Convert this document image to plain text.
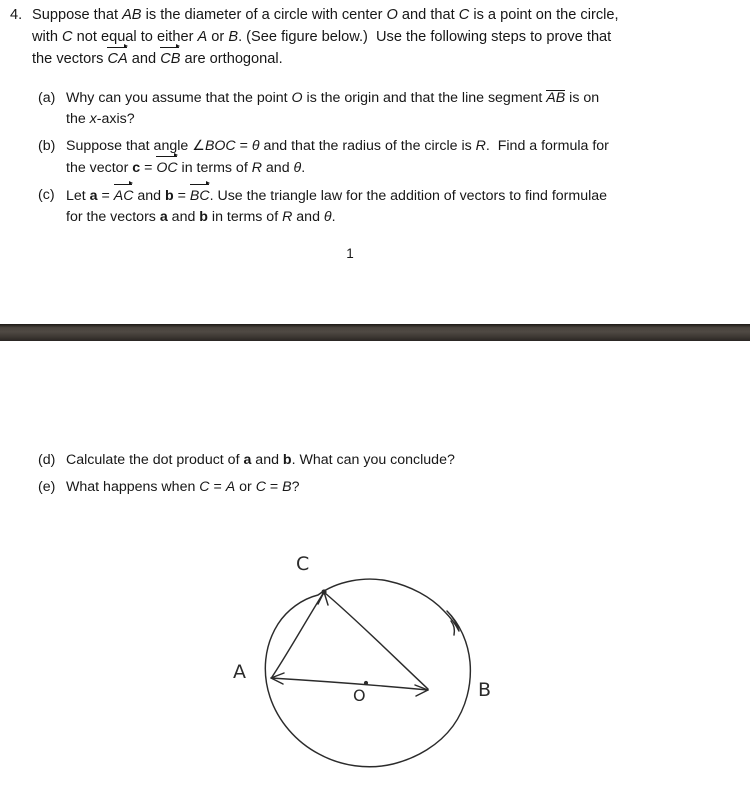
4. Suppose that AB is the diameter of a circle with center O and that C is a point on the circle,
with C not equal to either A or B. (See figure below.)  Use the following steps to prove that
the vectors CA and CB are orthogonal.
(a) Why can you assume that the point O is the origin and that the line segment AB is on
the x-axis?
(b) Suppose that angle ∠BOC = θ and that the radius of the circle is R.  Find a formula for
the vector c = OC in terms of R and θ.
(c) Let a = AC and b = BC. Use the triangle law for the addition of vectors to find formulae
for the vectors a and b in terms of R and θ.
1
(d) Calculate the dot product of a and b. What can you conclude?
(e) What happens when C = A or C = B?
C
A
B
O
